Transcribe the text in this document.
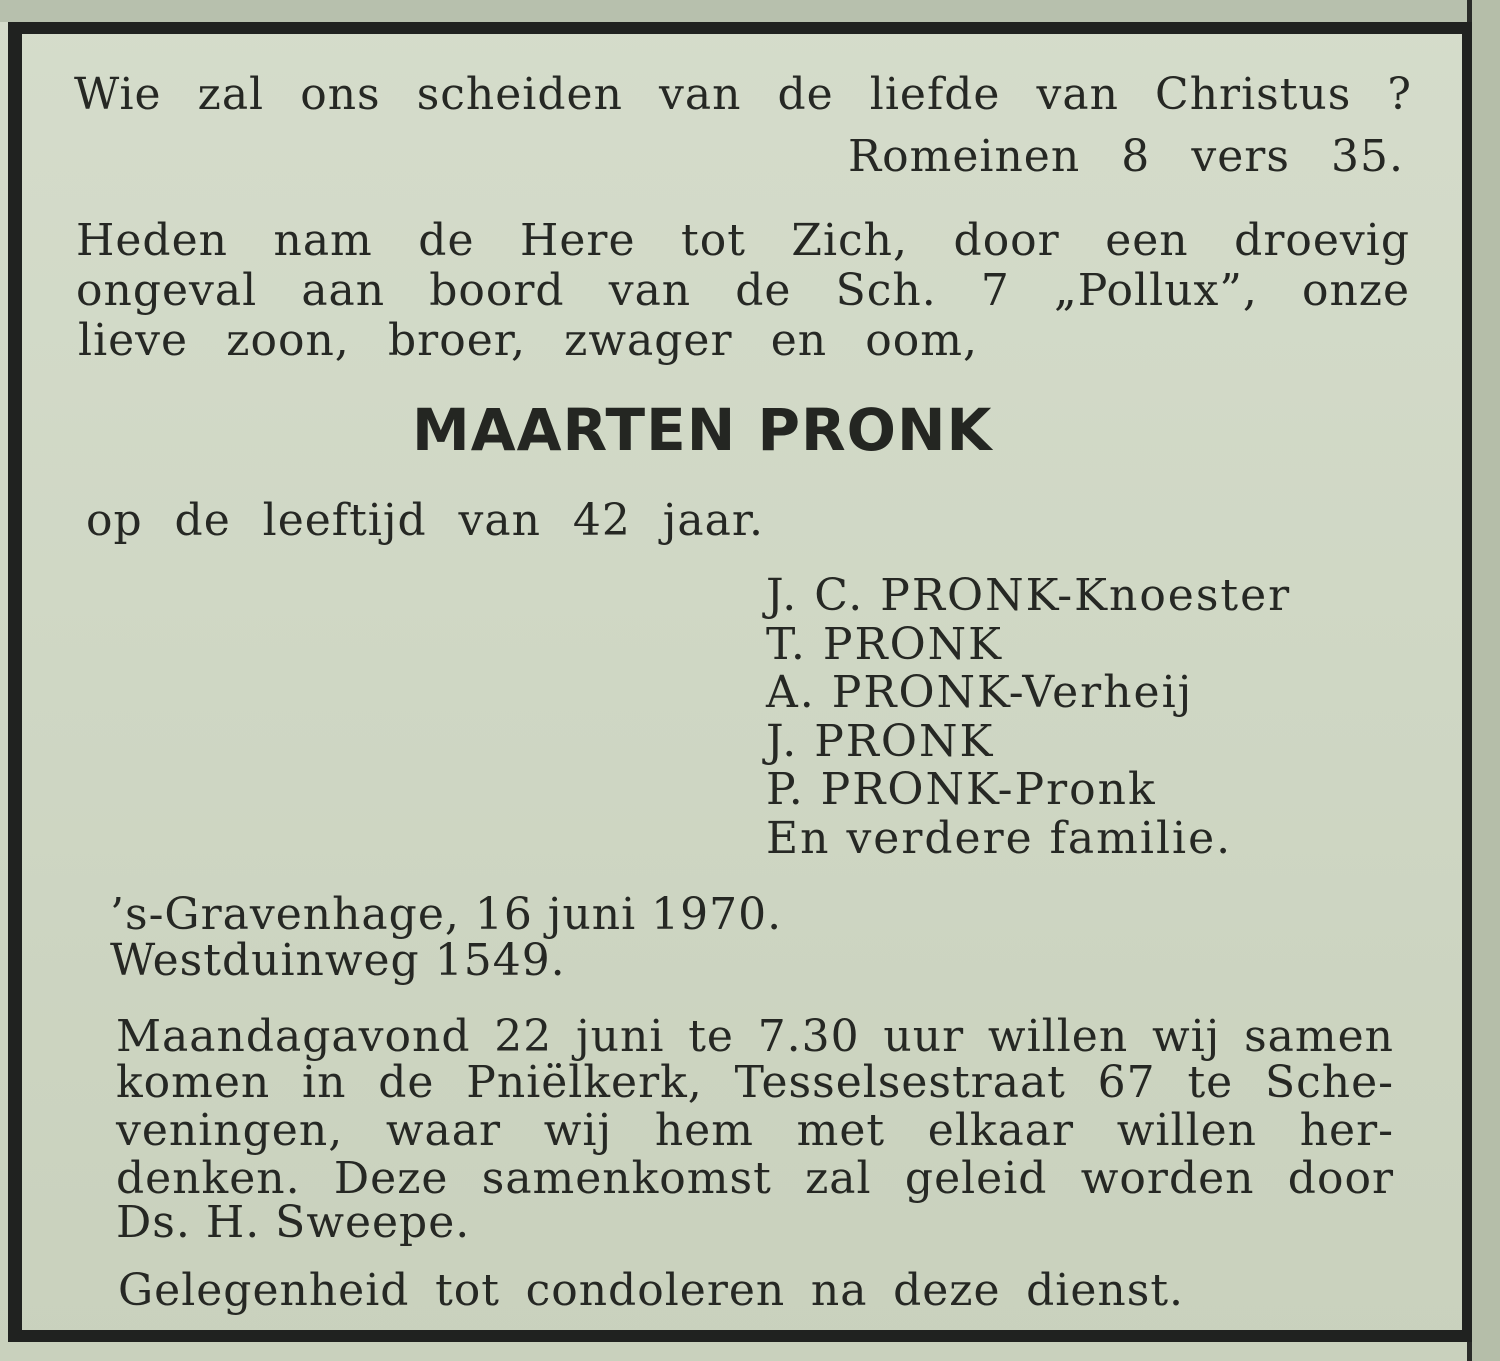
Wie zal ons scheiden van de liefde van Christus ?
Romeinen 8 vers 35.
Heden nam de Here tot Zich, door een droevig
ongeval aan boord van de Sch. 7 „Pollux”, onze
lieve zoon, broer, zwager en oom,
MAARTEN PRONK
op de leeftijd van 42 jaar.
J. C. PRONK-Knoester
T. PRONK
A. PRONK-Verheij
J. PRONK
P. PRONK-Pronk
En verdere familie.
’s-Gravenhage, 16 juni 1970.
Westduinweg 1549.
Maandagavond 22 juni te 7.30 uur willen wij samen
komen in de Pniëlkerk, Tesselsestraat 67 te Sche-
veningen, waar wij hem met elkaar willen her-
denken. Deze samenkomst zal geleid worden door
Ds. H. Sweepe.
Gelegenheid tot condoleren na deze dienst.
